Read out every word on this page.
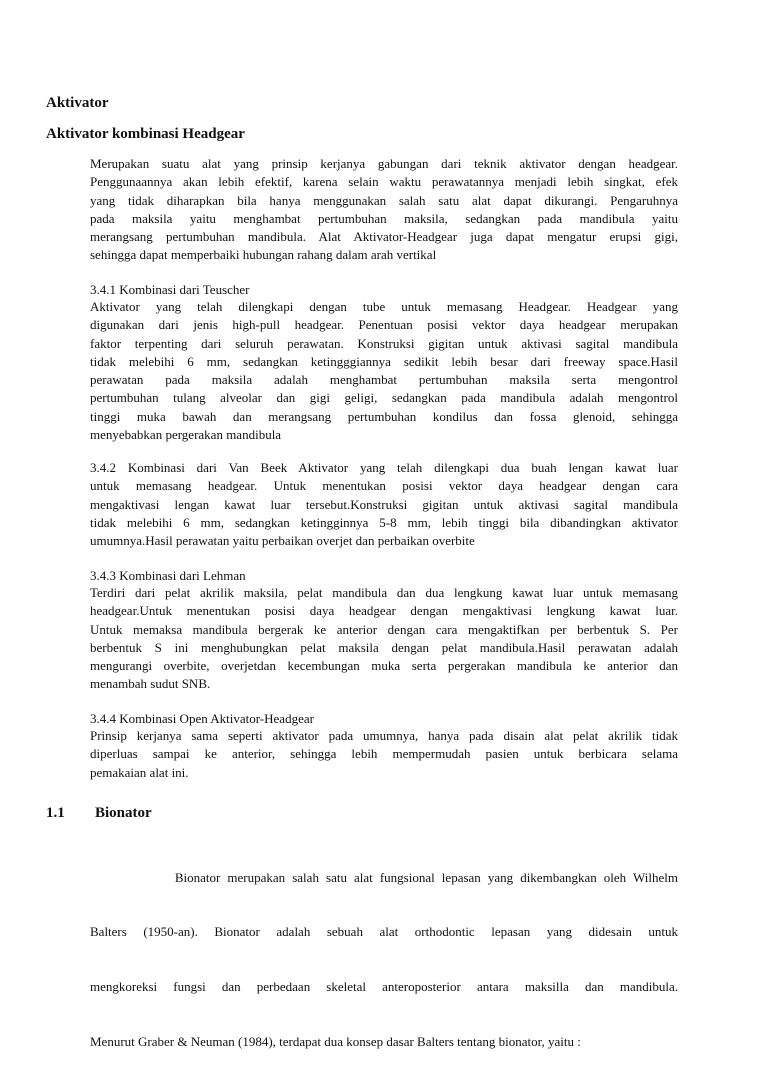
Aktivator
Aktivator kombinasi Headgear
Merupakan suatu alat yang prinsip kerjanya gabungan dari teknik aktivator dengan headgear.
Penggunaannya akan lebih efektif, karena selain waktu perawatannya menjadi lebih singkat, efek
yang tidak diharapkan bila hanya menggunakan salah satu alat dapat dikurangi. Pengaruhnya
pada maksila yaitu menghambat pertumbuhan maksila, sedangkan pada mandibula yaitu
merangsang pertumbuhan mandibula. Alat Aktivator-Headgear juga dapat mengatur erupsi gigi,
sehingga dapat memperbaiki hubungan rahang dalam arah vertikal
3.4.1 Kombinasi dari Teuscher
Aktivator yang telah dilengkapi dengan tube untuk memasang Headgear. Headgear yang
digunakan dari jenis high-pull headgear. Penentuan posisi vektor daya headgear merupakan
faktor terpenting dari seluruh perawatan. Konstruksi gigitan untuk aktivasi sagital mandibula
tidak melebihi 6 mm, sedangkan ketingggiannya sedikit lebih besar dari freeway space.Hasil
perawatan pada maksila adalah menghambat pertumbuhan maksila serta mengontrol
pertumbuhan tulang alveolar dan gigi geligi, sedangkan pada mandibula adalah mengontrol
tinggi muka bawah dan merangsang pertumbuhan kondilus dan fossa glenoid, sehingga
menyebabkan pergerakan mandibula
3.4.2 Kombinasi dari Van Beek Aktivator yang telah dilengkapi dua buah lengan kawat luar
untuk memasang headgear. Untuk menentukan posisi vektor daya headgear dengan cara
mengaktivasi lengan kawat luar tersebut.Konstruksi gigitan untuk aktivasi sagital mandibula
tidak melebihi 6 mm, sedangkan ketingginnya 5-8 mm, lebih tinggi bila dibandingkan aktivator
umumnya.Hasil perawatan yaitu perbaikan overjet dan perbaikan overbite
3.4.3 Kombinasi dari Lehman
Terdiri dari pelat akrilik maksila, pelat mandibula dan dua lengkung kawat luar untuk memasang
headgear.Untuk menentukan posisi daya headgear dengan mengaktivasi lengkung kawat luar.
Untuk memaksa mandibula bergerak ke anterior dengan cara mengaktifkan per berbentuk S. Per
berbentuk S ini menghubungkan pelat maksila dengan pelat mandibula.Hasil perawatan adalah
mengurangi overbite, overjetdan kecembungan muka serta pergerakan mandibula ke anterior dan
menambah sudut SNB.
3.4.4 Kombinasi Open Aktivator-Headgear
Prinsip kerjanya sama seperti aktivator pada umumnya, hanya pada disain alat pelat akrilik tidak
diperluas sampai ke anterior, sehingga lebih mempermudah pasien untuk berbicara selama
pemakaian alat ini.
1.1 Bionator

Bionator merupakan salah satu alat fungsional lepasan yang dikembangkan oleh Wilhelm

Balters (1950-an). Bionator adalah sebuah alat orthodontic lepasan yang didesain untuk

mengkoreksi fungsi dan perbedaan skeletal anteroposterior antara maksilla dan mandibula.

Menurut Graber & Neuman (1984), terdapat dua konsep dasar Balters tentang bionator, yaitu :
